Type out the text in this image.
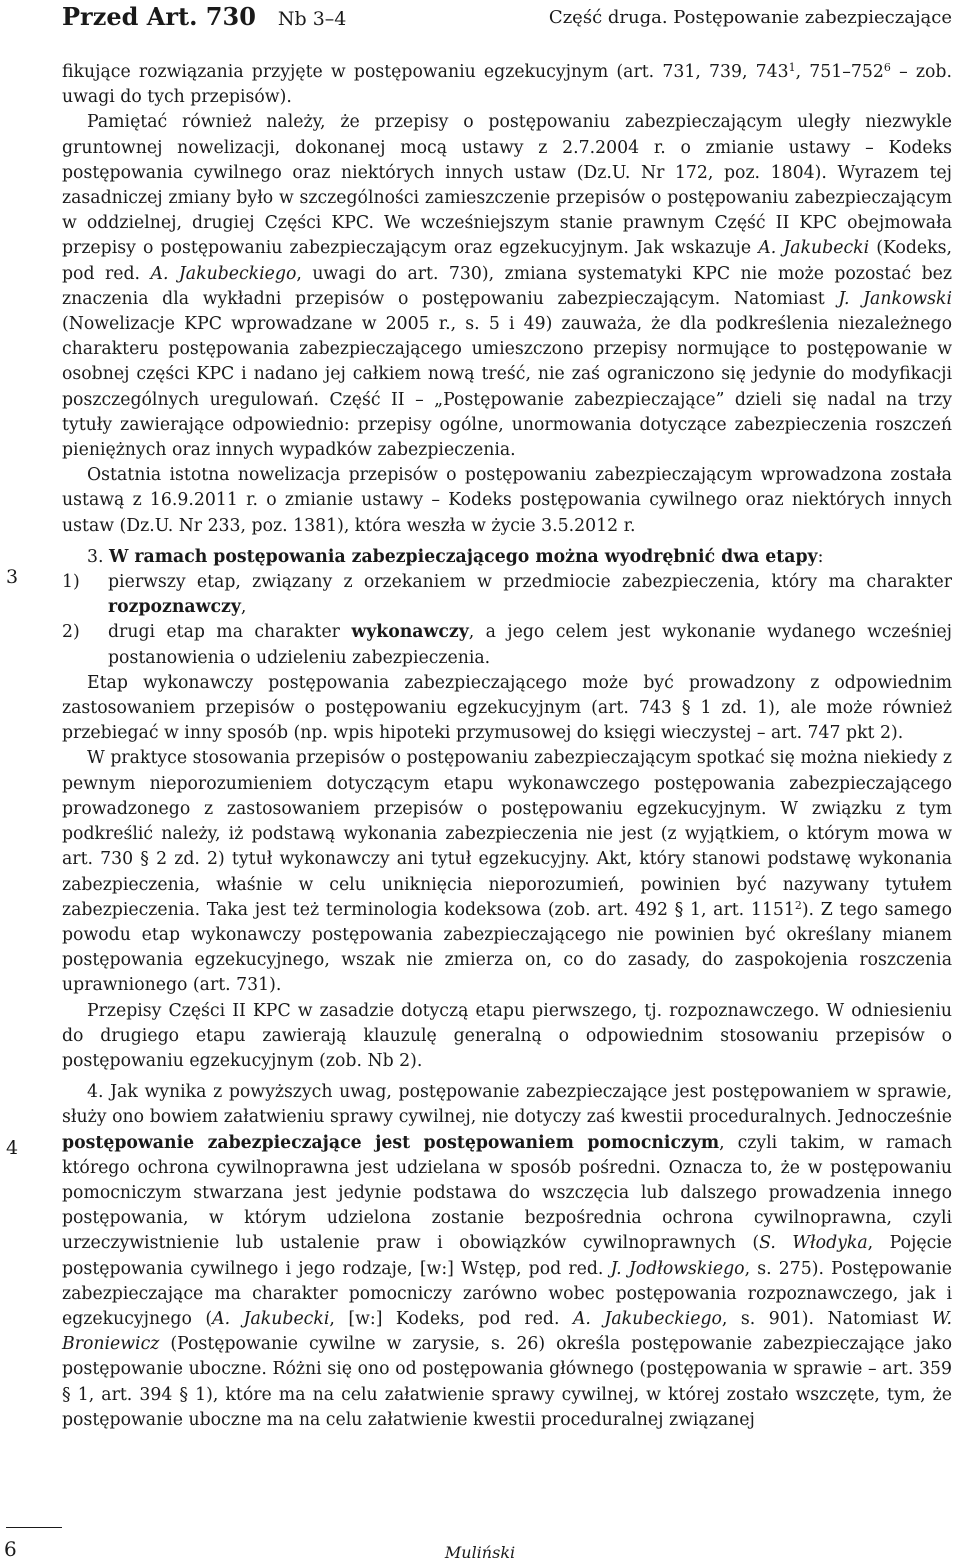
Przed Art. 730 Nb 3–4	Część druga. Postępowanie zabezpieczające
3
4

fikujące rozwiązania przyjęte w postępowaniu egzekucyjnym (art. 731, 739, $743^1$, $751-752^6$ – zob. uwagi do tych przepisów).

Pamiętać również należy, że przepisy o postępowaniu zabezpieczającym uległy niezwykle gruntownej nowelizacji, dokonanej mocą ustawy z 2.7.2004 r. o zmianie ustawy – Kodeks postępowania cywilnego oraz niektórych innych ustaw (Dz.U. Nr 172, poz. 1804). Wyrazem tej zasadniczej zmiany było w szczególności zamieszczenie przepisów o postępowaniu zabezpieczającym w oddzielnej, drugiej Części KPC. We wcześniejszym stanie prawnym Część II KPC obejmowała przepisy o postępowaniu zabezpieczającym oraz egzekucyjnym. Jak wskazuje A. Jakubecki (Kodeks, pod red. A. Jakubeckiego, uwagi do art. 730), zmiana systematyki KPC nie może pozostać bez znaczenia dla wykładni przepisów o postępowaniu zabezpieczającym. Natomiast J. Jankowski (Nowelizacje KPC wprowadzane w 2005 r., s. 5 i 49) zauważa, że dla podkreślenia niezależnego charakteru postępowania zabezpieczającego umieszczono przepisy normujące to postępowanie w osobnej części KPC i nadano jej całkiem nową treść, nie zaś ograniczono się jedynie do modyfikacji poszczególnych uregulowań. Część II – „Postępowanie zabezpieczające” dzieli się nadal na trzy tytuły zawierające odpowiednio: przepisy ogólne, unormowania dotyczące zabezpieczenia roszczeń pieniężnych oraz innych wypadków zabezpieczenia.

Ostatnia istotna nowelizacja przepisów o postępowaniu zabezpieczającym wprowadzona została ustawą z 16.9.2011 r. o zmianie ustawy – Kodeks postępowania cywilnego oraz niektórych innych ustaw (Dz.U. Nr 233, poz. 1381), która weszła w życie 3.5.2012 r.

3. W ramach postępowania zabezpieczającego można wyodrębnić dwa etapy:

1) pierwszy etap, związany z orzekaniem w przedmiocie zabezpieczenia, który ma charakter rozpoznawczy,

2) drugi etap ma charakter wykonawczy, a jego celem jest wykonanie wydanego wcześniej postanowienia o udzieleniu zabezpieczenia.

Etap wykonawczy postępowania zabezpieczającego może być prowadzony z odpowiednim zastosowaniem przepisów o postępowaniu egzekucyjnym (art. 743 § 1 zd. 1), ale może również przebiegać w inny sposób (np. wpis hipoteki przymusowej do księgi wieczystej – art. 747 pkt 2).

W praktyce stosowania przepisów o postępowaniu zabezpieczającym spotkać się można niekiedy z pewnym nieporozumieniem dotyczącym etapu wykonawczego postępowania zabezpieczającego prowadzonego z zastosowaniem przepisów o postępowaniu egzekucyjnym. W związku z tym podkreślić należy, iż podstawą wykonania zabezpieczenia nie jest (z wyjątkiem, o którym mowa w art. 730 § 2 zd. 2) tytuł wykonawczy ani tytuł egzekucyjny. Akt, który stanowi podstawę wykonania zabezpieczenia, właśnie w celu uniknięcia nieporozumień, powinien być nazywany tytułem zabezpieczenia. Taka jest też terminologia kodeksowa (zob. art. 492 § 1, art. 1151$^2$). Z tego samego powodu etap wykonawczy postępowania zabezpieczającego nie powinien być określany mianem postępowania egzekucyjnego, wszak nie zmierza on, co do zasady, do zaspokojenia roszczenia uprawnionego (art. 731).

Przepisy Części II KPC w zasadzie dotyczą etapu pierwszego, tj. rozpoznawczego. W odniesieniu do drugiego etapu zawierają klauzulę generalną o odpowiednim stosowaniu przepisów o postępowaniu egzekucyjnym (zob. Nb 2).

4. Jak wynika z powyższych uwag, postępowanie zabezpieczające jest postępowaniem w sprawie, służy ono bowiem załatwieniu sprawy cywilnej, nie dotyczy zaś kwestii proceduralnych. Jednocześnie postępowanie zabezpieczające jest postępowaniem pomocniczym, czyli takim, w ramach którego ochrona cywilnoprawna jest udzielana w sposób pośredni. Oznacza to, że w postępowaniu pomocniczym stwarzana jest jedynie podstawa do wszczęcia lub dalszego prowadzenia innego postępowania, w którym udzielona zostanie bezpośrednia ochrona cywilnoprawna, czyli urzeczywistnienie lub ustalenie praw i obowiązków cywilnoprawnych (S. Włodyka, Pojęcie postępowania cywilnego i jego rodzaje, [w:] Wstęp, pod red. J. Jodłowskiego, s. 275). Postępowanie zabezpieczające ma charakter pomocniczy zarówno wobec postępowania rozpoznawczego, jak i egzekucyjnego (A. Jakubecki, [w:] Kodeks, pod red. A. Jakubeckiego, s. 901). Natomiast W. Broniewicz (Postępowanie cywilne w zarysie, s. 26) określa postępowanie zabezpieczające jako postępowanie uboczne. Różni się ono od postępowania głównego (postępowania w sprawie – art. 359 § 1, art. 394 § 1), które ma na celu załatwienie sprawy cywilnej, w której zostało wszczęte, tym, że postępowanie uboczne ma na celu załatwienie kwestii proceduralnej związanej

6	Muliński
